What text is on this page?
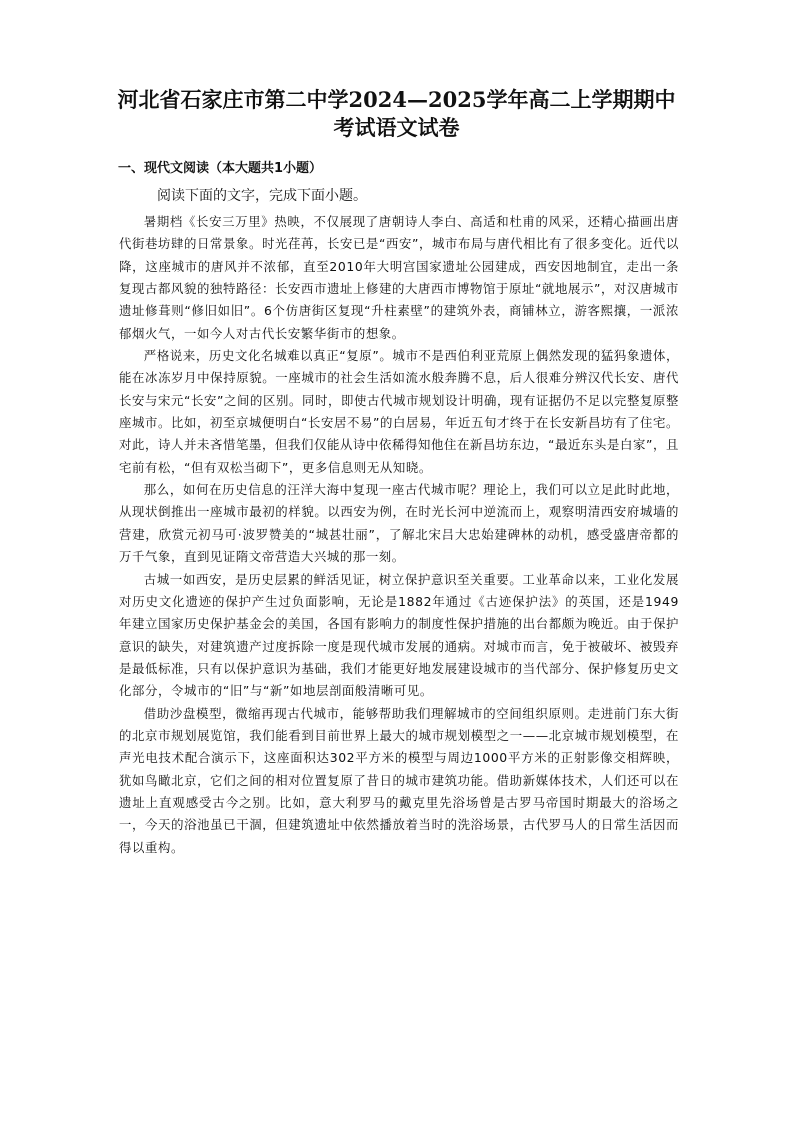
河北省石家庄市第二中学2024—2025学年高二上学期期中
考试语文试卷
一、现代文阅读（本大题共1小题）
阅读下面的文字，完成下面小题。

暑期档《长安三万里》热映，不仅展现了唐朝诗人李白、高适和杜甫的风采，还精心描画出唐代街巷坊肆的日常景象。时光荏苒，长安已是“西安”，城市布局与唐代相比有了很多变化。近代以降，这座城市的唐风并不浓郁，直至2010年大明宫国家遗址公园建成，西安因地制宜，走出一条复现古都风貌的独特路径：长安西市遗址上修建的大唐西市博物馆于原址“就地展示”，对汉唐城市遗址修葺则“修旧如旧”。6个仿唐街区复现“升柱素壁”的建筑外表，商铺林立，游客熙攘，一派浓郁烟火气，一如今人对古代长安繁华街市的想象。

严格说来，历史文化名城难以真正“复原”。城市不是西伯利亚荒原上偶然发现的猛犸象遗体，能在冰冻岁月中保持原貌。一座城市的社会生活如流水般奔腾不息，后人很难分辨汉代长安、唐代长安与宋元“长安”之间的区别。同时，即使古代城市规划设计明确，现有证据仍不足以完整复原整座城市。比如，初至京城便明白“长安居不易”的白居易，年近五旬才终于在长安新昌坊有了住宅。对此，诗人并未吝惜笔墨，但我们仅能从诗中依稀得知他住在新昌坊东边，“最近东头是白家”，且宅前有松，“但有双松当砌下”，更多信息则无从知晓。

那么，如何在历史信息的汪洋大海中复现一座古代城市呢？理论上，我们可以立足此时此地，从现状倒推出一座城市最初的样貌。以西安为例，在时光长河中逆流而上，观察明清西安府城墙的营建，欣赏元初马可·波罗赞美的“城甚壮丽”，了解北宋吕大忠始建碑林的动机，感受盛唐帝都的万千气象，直到见证隋文帝营造大兴城的那一刻。

古城一如西安，是历史层累的鲜活见证，树立保护意识至关重要。工业革命以来，工业化发展对历史文化遗迹的保护产生过负面影响，无论是1882年通过《古迹保护法》的英国，还是1949年建立国家历史保护基金会的美国，各国有影响力的制度性保护措施的出台都颇为晚近。由于保护意识的缺失，对建筑遗产过度拆除一度是现代城市发展的通病。对城市而言，免于被破坏、被毁弃是最低标准，只有以保护意识为基础，我们才能更好地发展建设城市的当代部分、保护修复历史文化部分，令城市的“旧”与“新”如地层剖面般清晰可见。

借助沙盘模型，微缩再现古代城市，能够帮助我们理解城市的空间组织原则。走进前门东大街的北京市规划展览馆，我们能看到目前世界上最大的城市规划模型之一——北京城市规划模型，在声光电技术配合演示下，这座面积达302平方米的模型与周边1000平方米的正射影像交相辉映，犹如鸟瞰北京，它们之间的相对位置复原了昔日的城市建筑功能。借助新媒体技术，人们还可以在遗址上直观感受古今之别。比如，意大利罗马的戴克里先浴场曾是古罗马帝国时期最大的浴场之一，今天的浴池虽已干涸，但建筑遗址中依然播放着当时的洗浴场景，古代罗马人的日常生活因而得以重构。
